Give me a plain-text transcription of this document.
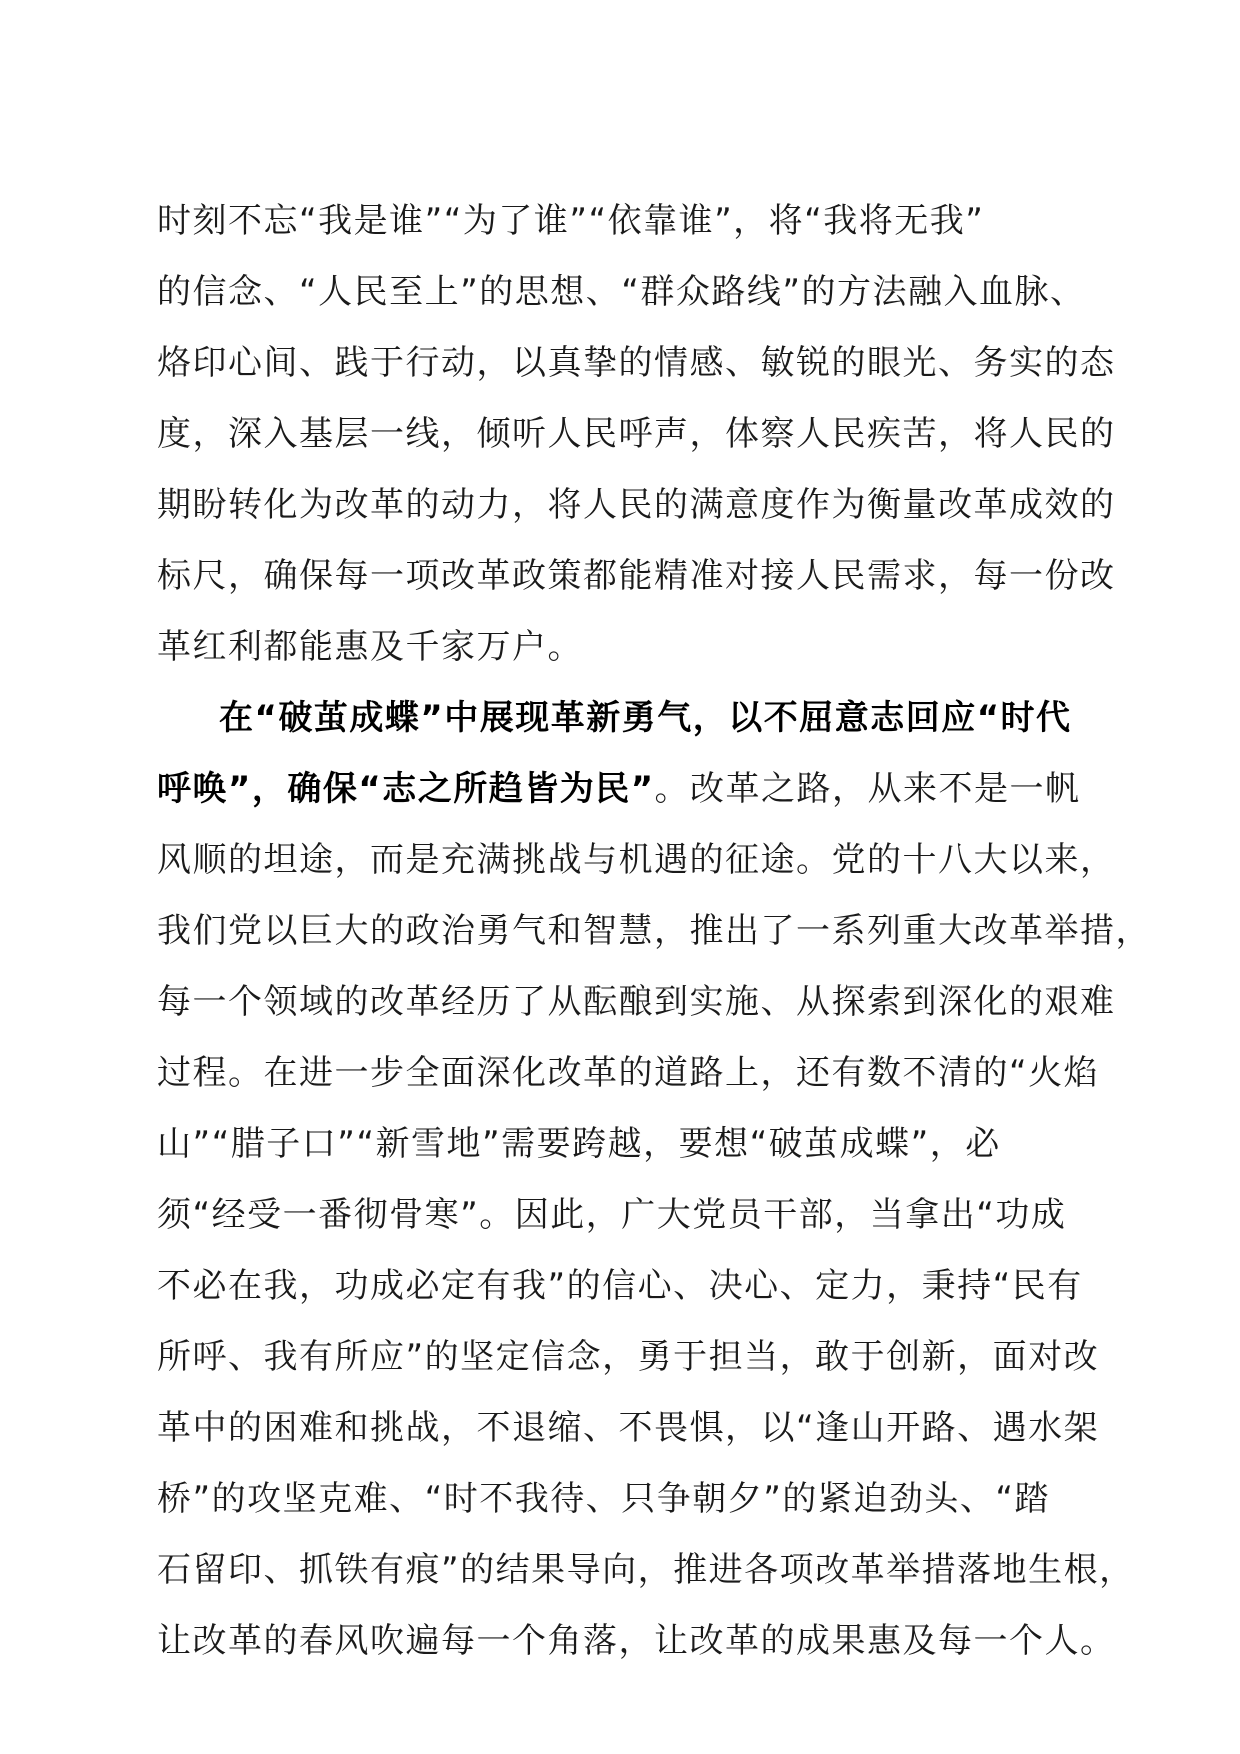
时刻不忘“我是谁”“为了谁”“依靠谁”，将“我将无我”
的信念、“人民至上”的思想、“群众路线”的方法融入血脉、
烙印心间、践于行动，以真挚的情感、敏锐的眼光、务实的态
度，深入基层一线，倾听人民呼声，体察人民疾苦，将人民的
期盼转化为改革的动力，将人民的满意度作为衡量改革成效的
标尺，确保每一项改革政策都能精准对接人民需求，每一份改
革红利都能惠及千家万户。
在“破茧成蝶”中展现革新勇气，以不屈意志回应“时代
呼唤”，确保“志之所趋皆为民”。改革之路，从来不是一帆
风顺的坦途，而是充满挑战与机遇的征途。党的十八大以来，
我们党以巨大的政治勇气和智慧，推出了一系列重大改革举措，
每一个领域的改革经历了从酝酿到实施、从探索到深化的艰难
过程。在进一步全面深化改革的道路上，还有数不清的“火焰
山”“腊子口”“新雪地”需要跨越，要想“破茧成蝶”，必
须“经受一番彻骨寒”。因此，广大党员干部，当拿出“功成
不必在我，功成必定有我”的信心、决心、定力，秉持“民有
所呼、我有所应”的坚定信念，勇于担当，敢于创新，面对改
革中的困难和挑战，不退缩、不畏惧，以“逢山开路、遇水架
桥”的攻坚克难、“时不我待、只争朝夕”的紧迫劲头、“踏
石留印、抓铁有痕”的结果导向，推进各项改革举措落地生根，
让改革的春风吹遍每一个角落，让改革的成果惠及每一个人。
